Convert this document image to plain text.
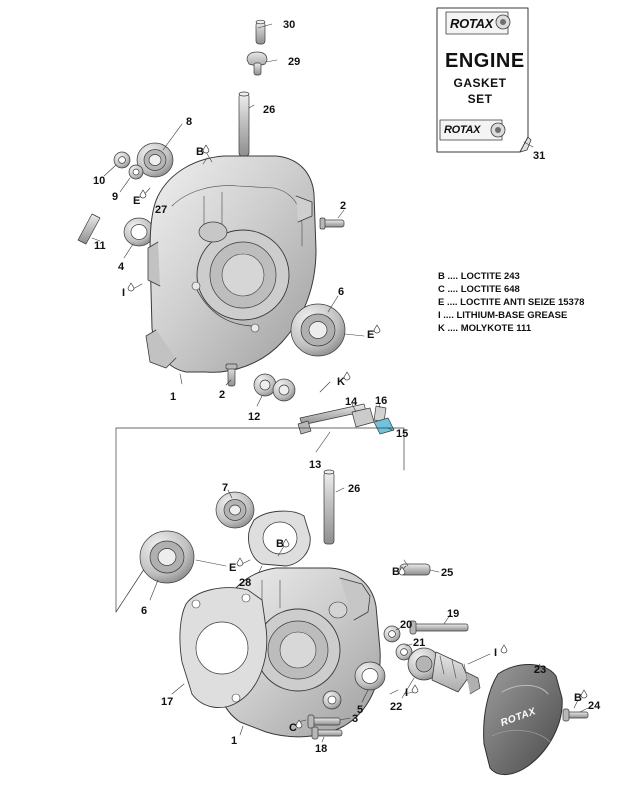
ROTAX
ENGINE
GASKET
SET
ROTAX
ROTAX
B .... LOCTITE 243
C .... LOCTITE 648
E .... LOCTITE ANTI SEIZE 15378
I .... LITHIUM-BASE GREASE
K .... MOLYKOTE 111
30
29
26
8
B
10
9 E
27	2
11
4
I	6
E
1	2
12
K
14 16
15
13
7	26
B
E
28
B	25
6	19
20
21
17
I
23
I
22
B
24
5
C
3
1
18
31
